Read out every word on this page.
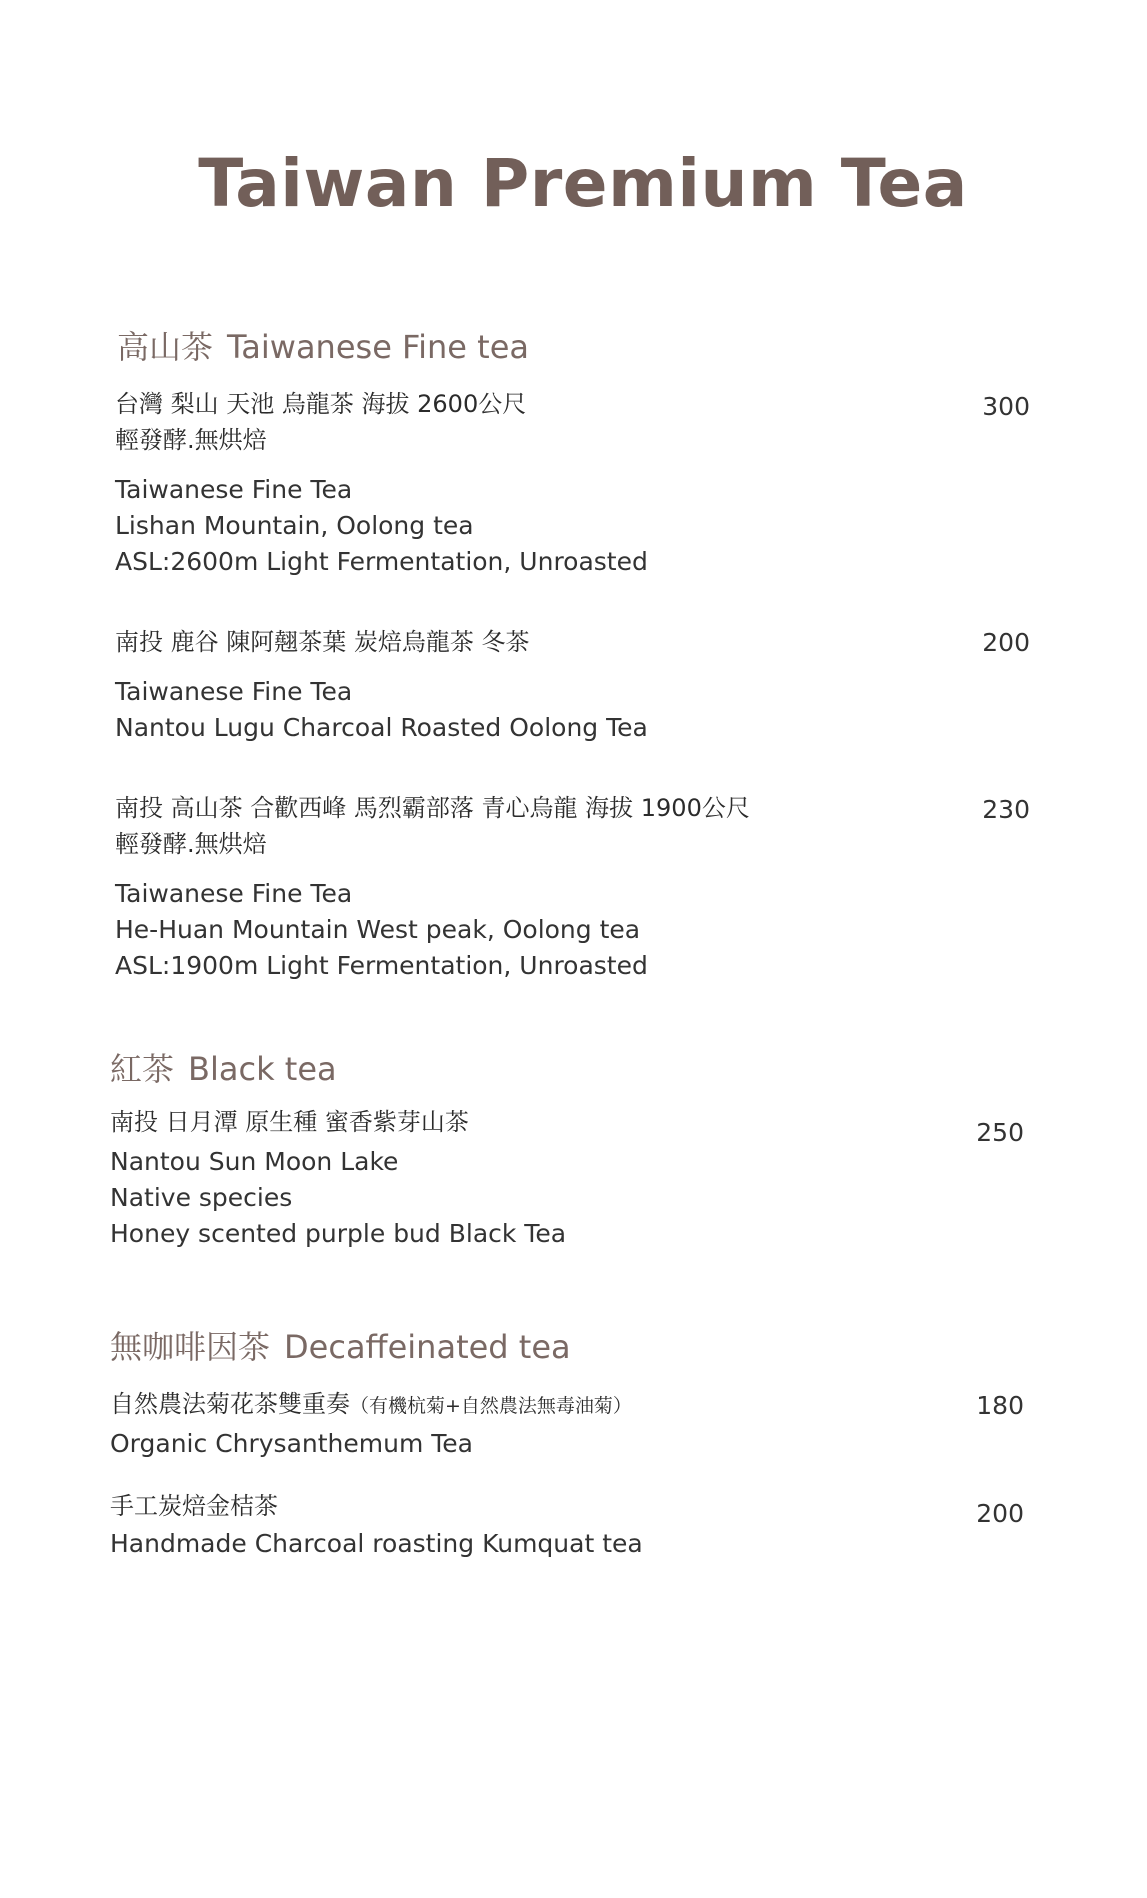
Taiwan Premium Tea
高山茶 Taiwanese Fine tea
台灣 梨山 天池 烏龍茶 海拔 2600公尺
輕發酵.無烘焙
Taiwanese Fine Tea
Lishan Mountain, Oolong tea
ASL:2600m Light Fermentation, Unroasted
300
南投 鹿谷 陳阿翹茶葉 炭焙烏龍茶 冬茶
Taiwanese Fine Tea
Nantou Lugu Charcoal Roasted Oolong Tea
200
南投 高山茶 合歡西峰 馬烈霸部落 青心烏龍 海拔 1900公尺
輕發酵.無烘焙
Taiwanese Fine Tea
He-Huan Mountain West peak, Oolong tea
ASL:1900m Light Fermentation, Unroasted
230
紅茶 Black tea
南投 日月潭 原生種 蜜香紫芽山茶
Nantou Sun Moon Lake
Native species
Honey scented purple bud Black Tea
250
無咖啡因茶 Decaffeinated tea
自然農法菊花茶雙重奏（有機杭菊+自然農法無毒油菊）
Organic Chrysanthemum Tea
180
手工炭焙金桔茶
Handmade Charcoal roasting Kumquat tea
200
